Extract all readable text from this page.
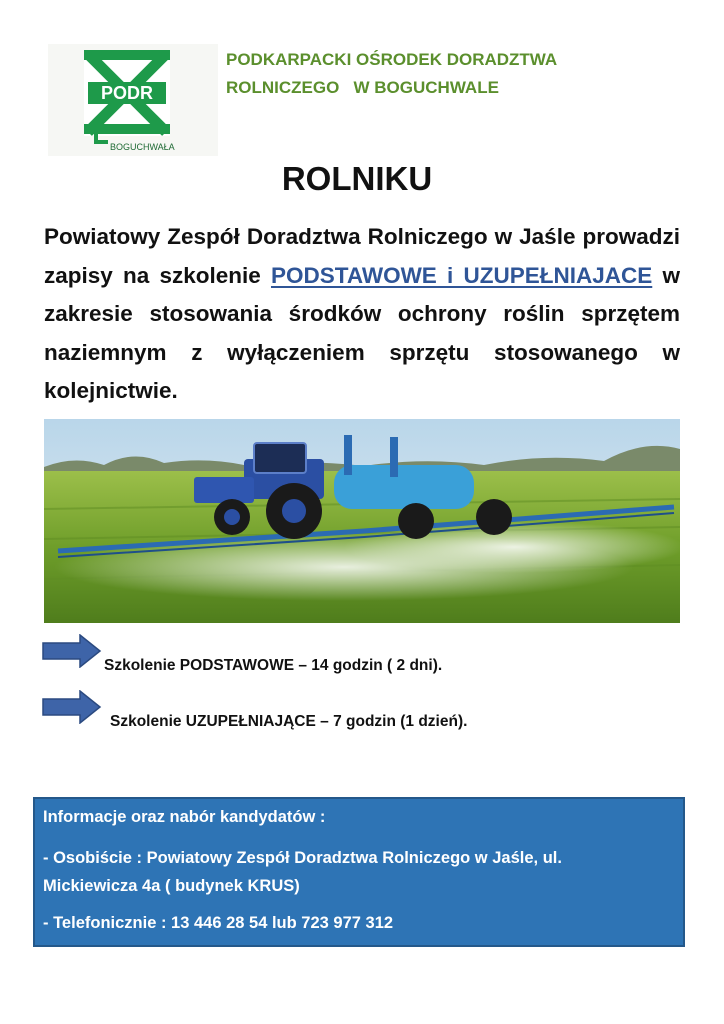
PODR
BOGUCHWAŁA
PODKARPACKI OŚRODEK DORADZTWA
ROLNICZEGO   W BOGUCHWALE
ROLNIKU
Powiatowy Zespół Doradztwa Rolniczego w Jaśle prowadzi zapisy na szkolenie PODSTAWOWE i UZUPEŁNIAJACE w zakresie stosowania środków ochrony roślin sprzętem naziemnym z wyłączeniem sprzętu stosowanego w kolejnictwie.
Szkolenie PODSTAWOWE – 14 godzin ( 2 dni).
Szkolenie UZUPEŁNIAJĄCE – 7 godzin (1 dzień).
Informacje oraz nabór kandydatów :
- Osobiście : Powiatowy Zespół Doradztwa Rolniczego w Jaśle, ul.
Mickiewicza 4a ( budynek KRUS)
- Telefonicznie : 13 446 28 54 lub 723 977 312
